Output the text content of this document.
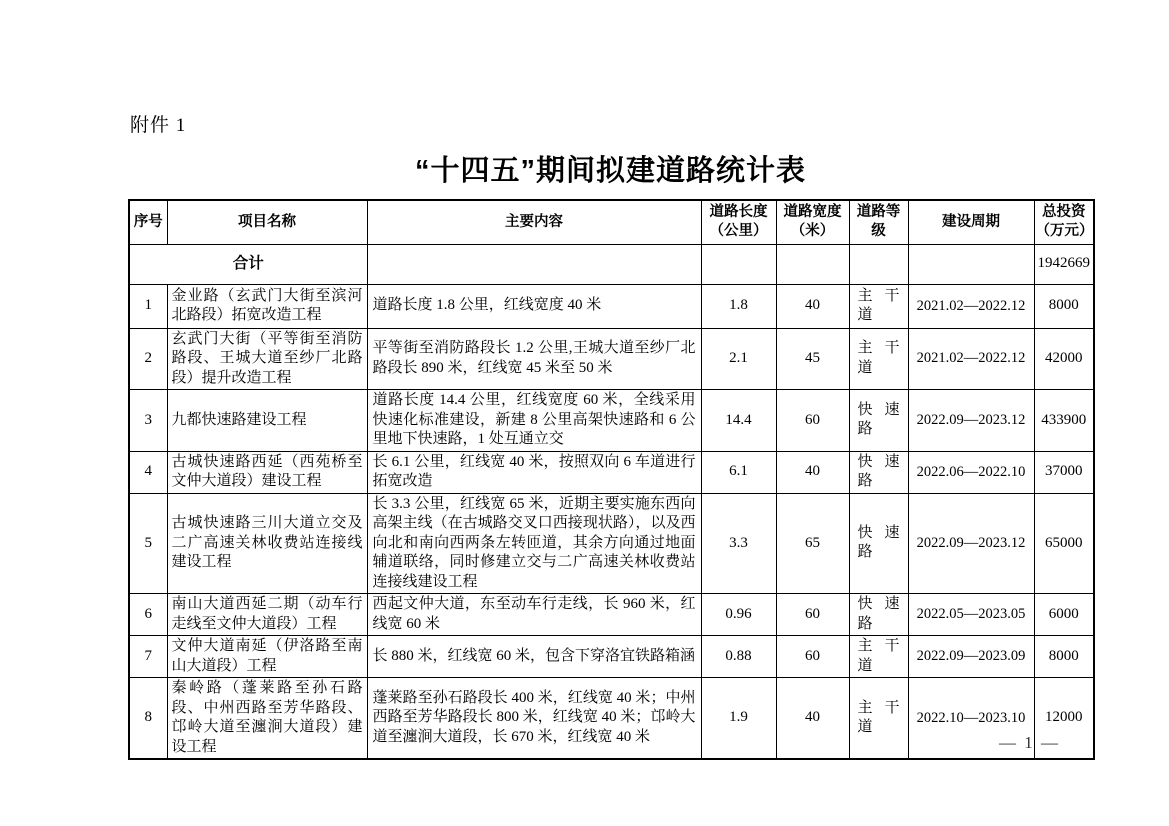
附件 1
“十四五”期间拟建道路统计表
序号	项目名称	主要内容	道路长度（公里）	道路宽度（米）	道路等级	建设周期	总投资（万元）
合计							1942669
1	金业路（玄武门大街至滨河北路段）拓宽改造工程	道路长度 1.8 公里，红线宽度 40 米	1.8	40	主干道	2021.02—2022.12	8000
2	玄武门大街（平等街至消防路段、王城大道至纱厂北路段）提升改造工程	平等街至消防路段长 1.2 公里,王城大道至纱厂北路段长 890 米，红线宽 45 米至 50 米	2.1	45	主干道	2021.02—2022.12	42000
3	九都快速路建设工程	道路长度 14.4 公里，红线宽度 60 米，全线采用快速化标准建设，新建 8 公里高架快速路和 6 公里地下快速路，1 处互通立交	14.4	60	快速路	2022.09—2023.12	433900
4	古城快速路西延（西苑桥至文仲大道段）建设工程	长 6.1 公里，红线宽 40 米，按照双向 6 车道进行拓宽改造	6.1	40	快速路	2022.06—2022.10	37000
5	古城快速路三川大道立交及二广高速关林收费站连接线建设工程	长 3.3 公里，红线宽 65 米，近期主要实施东西向高架主线（在古城路交叉口西接现状路），以及西向北和南向西两条左转匝道，其余方向通过地面辅道联络，同时修建立交与二广高速关林收费站连接线建设工程	3.3	65	快速路	2022.09—2023.12	65000
6	南山大道西延二期（动车行走线至文仲大道段）工程	西起文仲大道，东至动车行走线，长 960 米，红线宽 60 米	0.96	60	快速路	2022.05—2023.05	6000
7	文仲大道南延（伊洛路至南山大道段）工程	长 880 米，红线宽 60 米，包含下穿洛宜铁路箱涵	0.88	60	主干道	2022.09—2023.09	8000
8	秦岭路（蓬莱路至孙石路段、中州西路至芳华路段、邙岭大道至瀍涧大道段）建设工程	蓬莱路至孙石路段长 400 米，红线宽 40 米；中州西路至芳华路段长 800 米，红线宽 40 米；邙岭大道至瀍涧大道段，长 670 米，红线宽 40 米	1.9	40	主干道	2022.10—2023.10	12000
— 1 —
